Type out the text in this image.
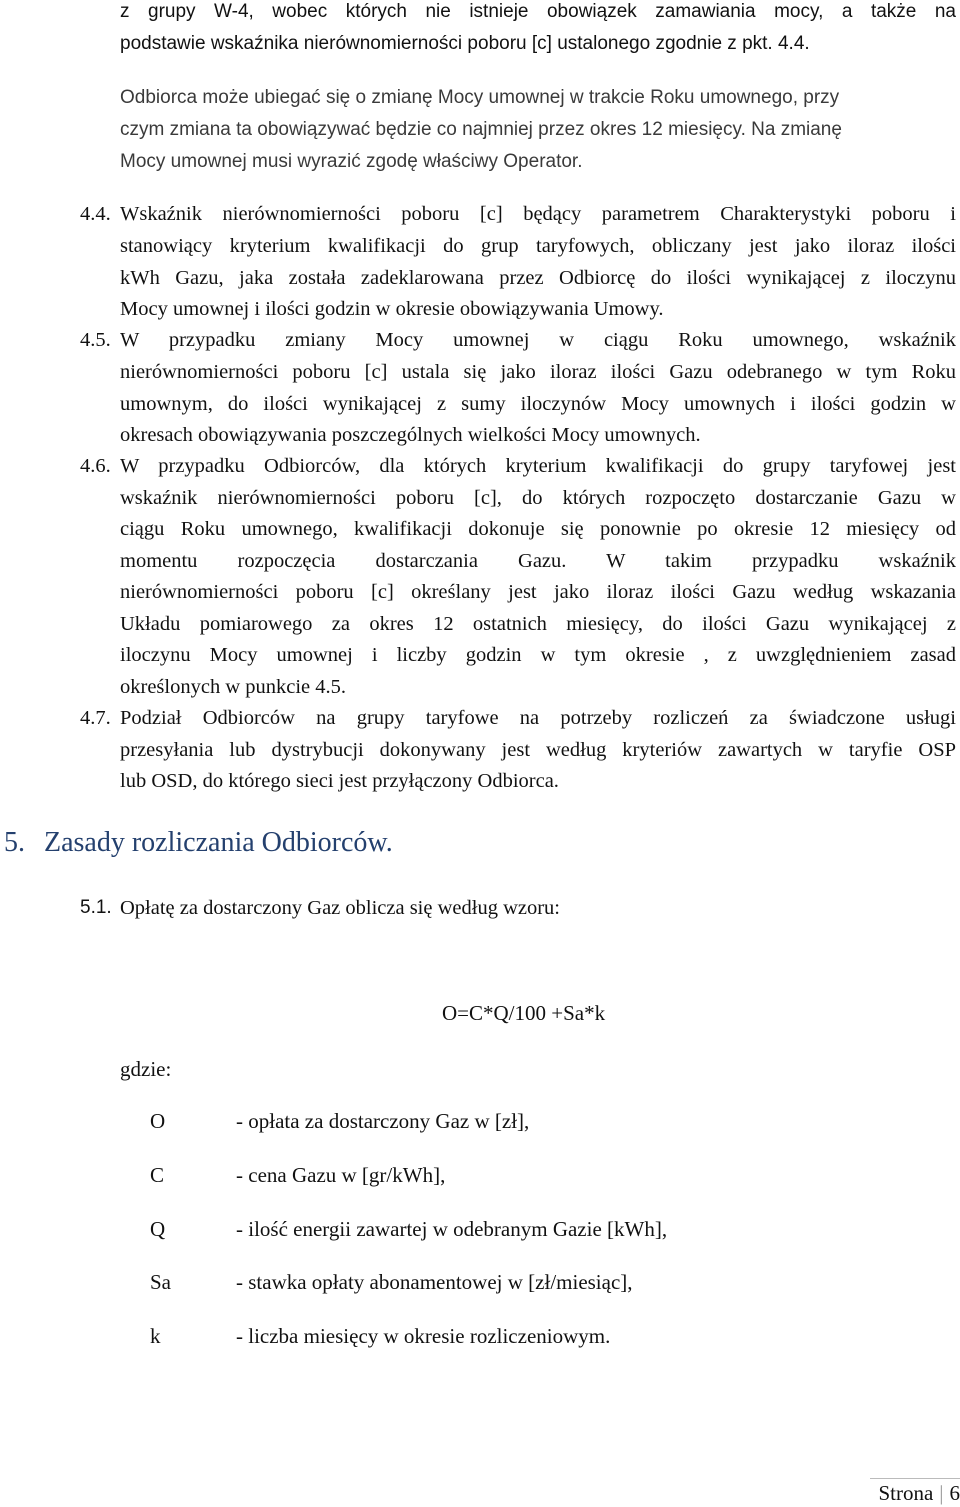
z grupy W-4, wobec których nie istnieje obowiązek zamawiania mocy, a także na
podstawie wskaźnika nierównomierności poboru [c] ustalonego zgodnie z pkt. 4.4.
Odbiorca może ubiegać się o zmianę Mocy umownej w trakcie Roku umownego, przy
czym zmiana ta obowiązywać będzie co najmniej przez okres 12 miesięcy. Na zmianę
Mocy umownej musi wyrazić zgodę właściwy Operator.
4.4. Wskaźnik nierównomierności poboru [c] będący parametrem Charakterystyki poboru i
stanowiący kryterium kwalifikacji do grup taryfowych, obliczany jest jako iloraz ilości
kWh Gazu, jaka została zadeklarowana przez Odbiorcę do ilości wynikającej z iloczynu
Mocy umownej i ilości godzin w okresie obowiązywania Umowy.
4.5. W przypadku zmiany Mocy umownej w ciągu Roku umownego, wskaźnik
nierównomierności poboru [c] ustala się jako iloraz ilości Gazu odebranego w tym Roku
umownym, do ilości wynikającej z sumy iloczynów Mocy umownych i ilości godzin w
okresach obowiązywania poszczególnych wielkości Mocy umownych.
4.6. W przypadku Odbiorców, dla których kryterium kwalifikacji do grupy taryfowej jest
wskaźnik nierównomierności poboru [c], do których rozpoczęto dostarczanie Gazu w
ciągu Roku umownego, kwalifikacji dokonuje się ponownie po okresie 12 miesięcy od
momentu rozpoczęcia dostarczania Gazu. W takim przypadku wskaźnik
nierównomierności poboru [c] określany jest jako iloraz ilości Gazu według wskazania
Układu pomiarowego za okres 12 ostatnich miesięcy, do ilości Gazu wynikającej z
iloczynu Mocy umownej i liczby godzin w tym okresie , z uwzględnieniem zasad
określonych w punkcie 4.5.
4.7. Podział Odbiorców na grupy taryfowe na potrzeby rozliczeń za świadczone usługi
przesyłania lub dystrybucji dokonywany jest według kryteriów zawartych w taryfie OSP
lub OSD, do którego sieci jest przyłączony Odbiorca.
5. Zasady rozliczania Odbiorców.
5.1. Opłatę za dostarczony Gaz oblicza się według wzoru:
O=C*Q/100 +Sa*k
gdzie:
O	- opłata za dostarczony Gaz w [zł],
C	- cena Gazu w [gr/kWh],
Q	- ilość energii zawartej w odebranym Gazie [kWh],
Sa	- stawka opłaty abonamentowej w [zł/miesiąc],
k	- liczba miesięcy w okresie rozliczeniowym.
Strona | 6
